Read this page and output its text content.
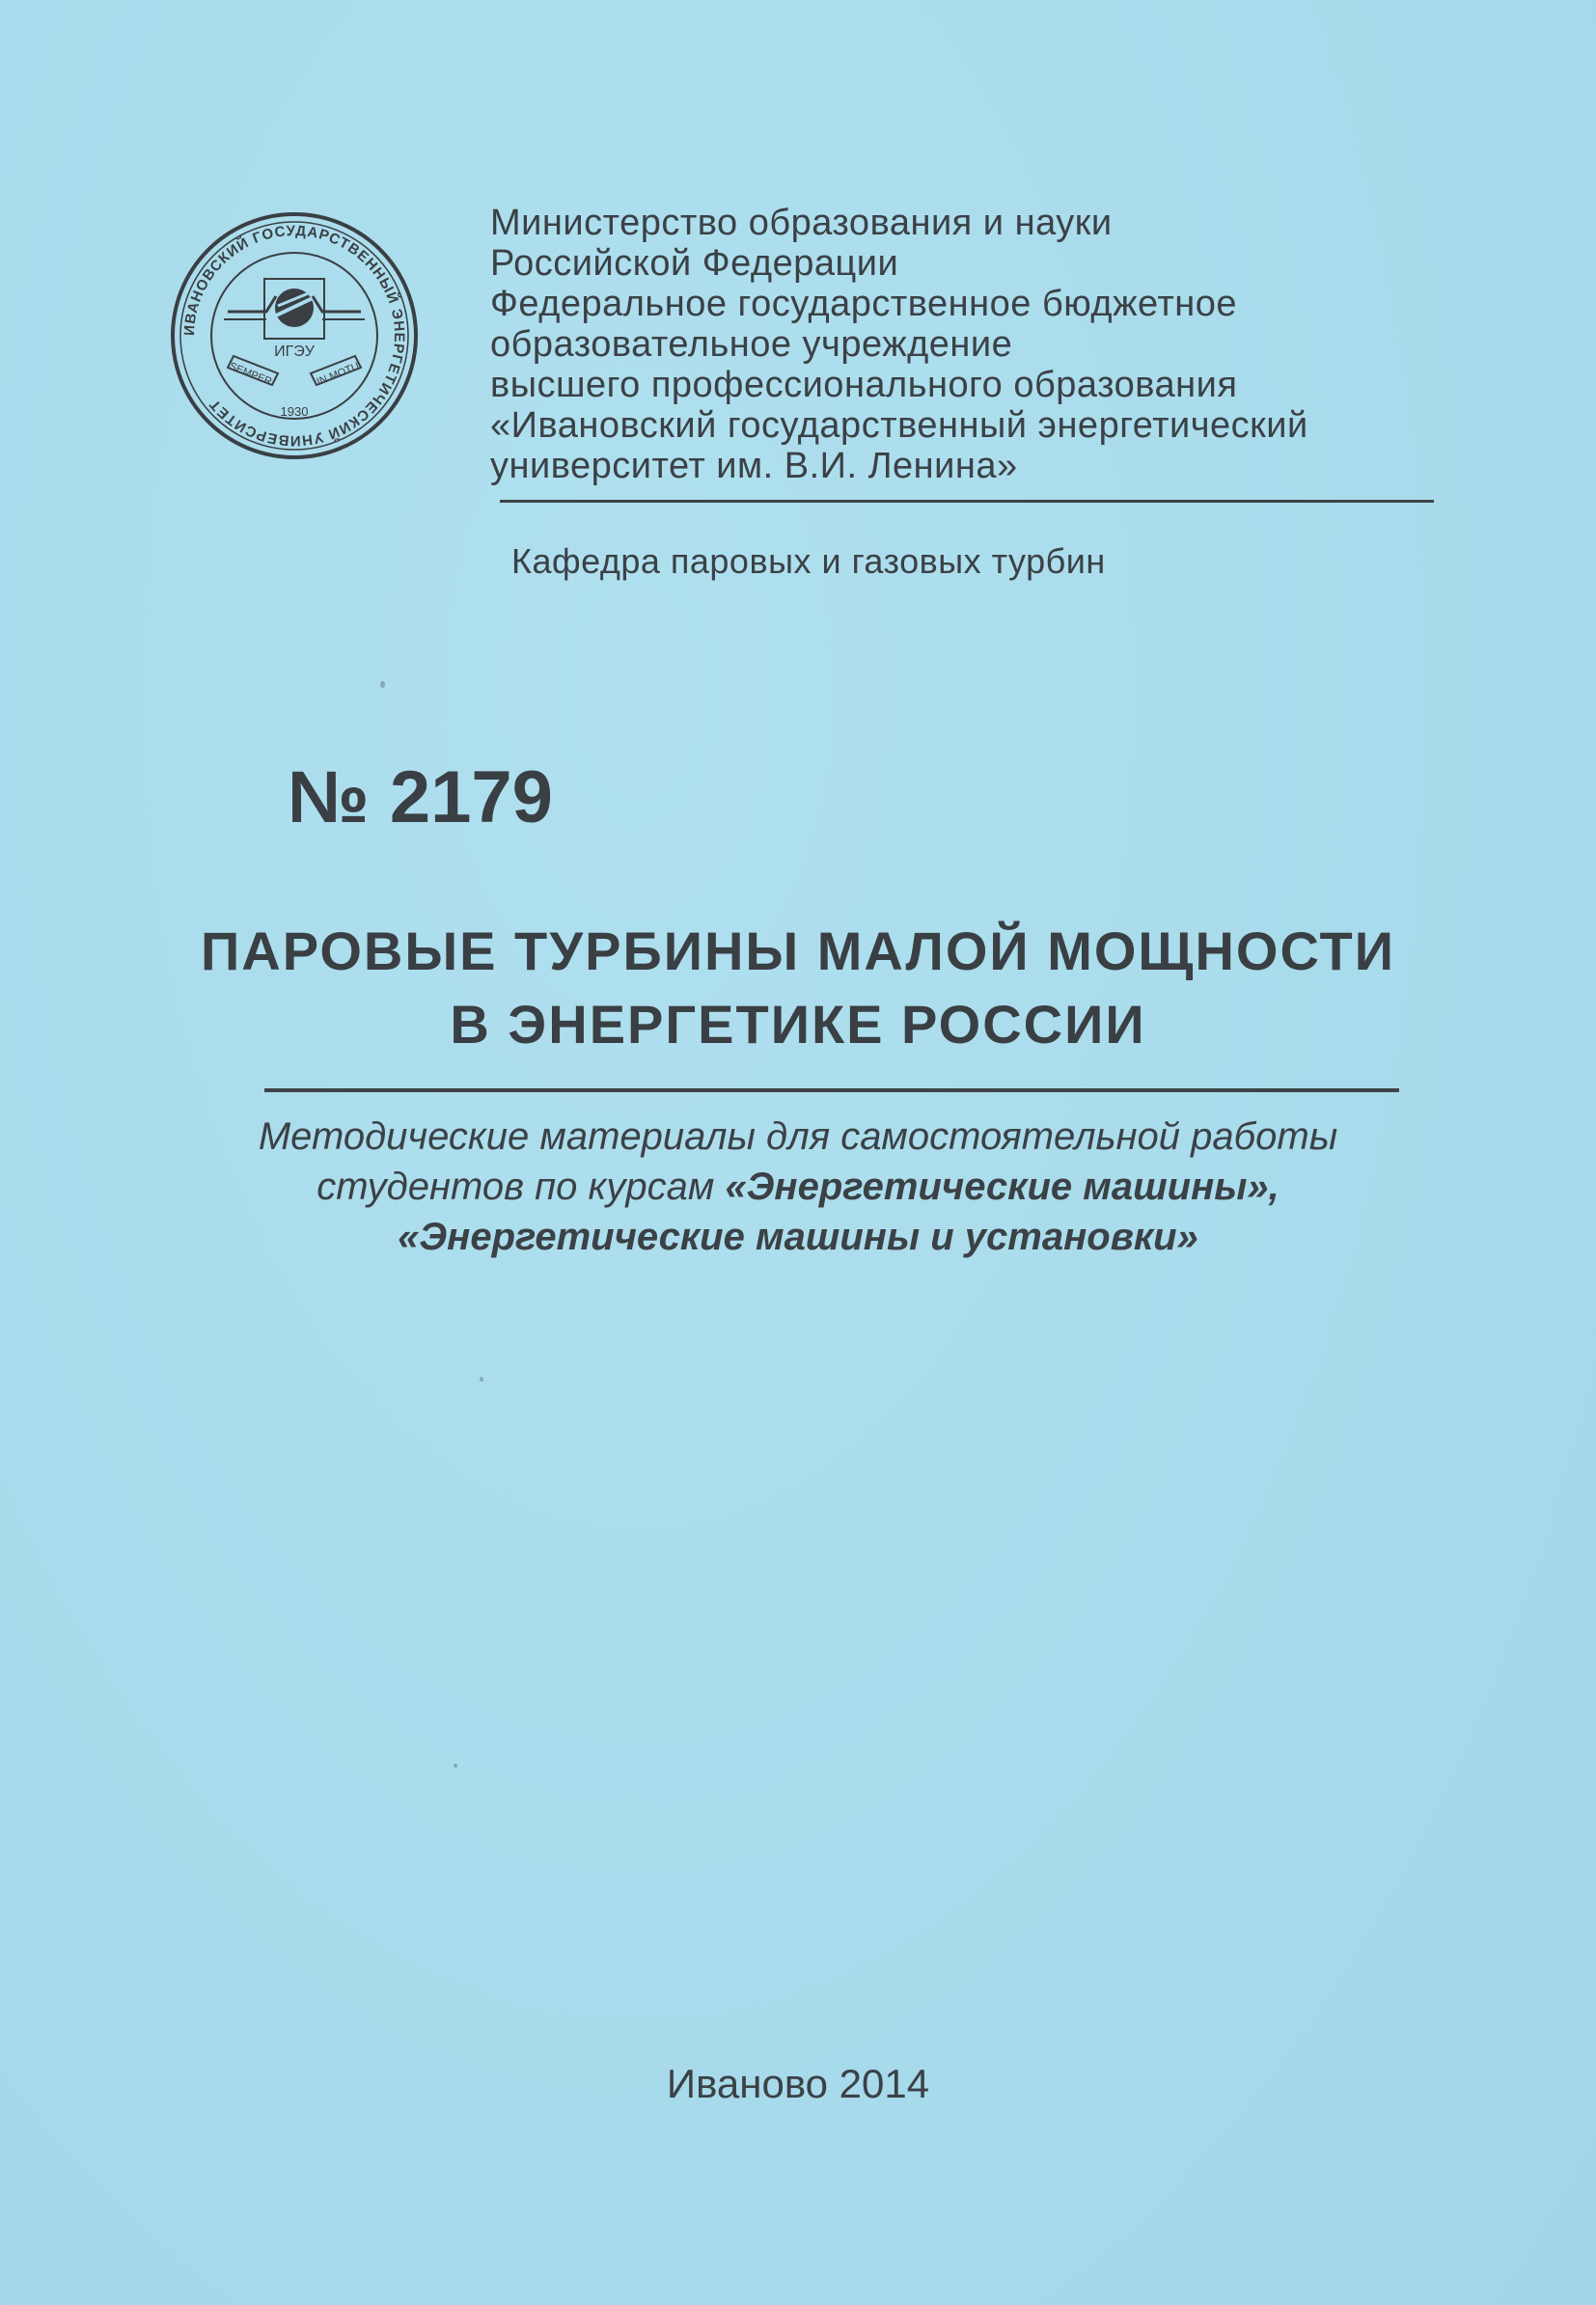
ИВАНОВСКИЙ ГОСУДАРСТВЕННЫЙ ЭНЕРГЕТИЧЕСКИЙ УНИВЕРСИТЕТ
ИГЭУ
SEMPER	IN MOTU
1930
Министерство образования и науки
Российской Федерации
Федеральное государственное бюджетное
образовательное учреждение
высшего профессионального образования
«Ивановский государственный энергетический
университет им. В.И. Ленина»
Кафедра паровых и газовых турбин
№ 2179
ПАРОВЫЕ ТУРБИНЫ МАЛОЙ МОЩНОСТИ
В ЭНЕРГЕТИКЕ РОССИИ
Методические материалы для самостоятельной работы
студентов по курсам «Энергетические машины»,
«Энергетические машины и установки»
Иваново 2014
